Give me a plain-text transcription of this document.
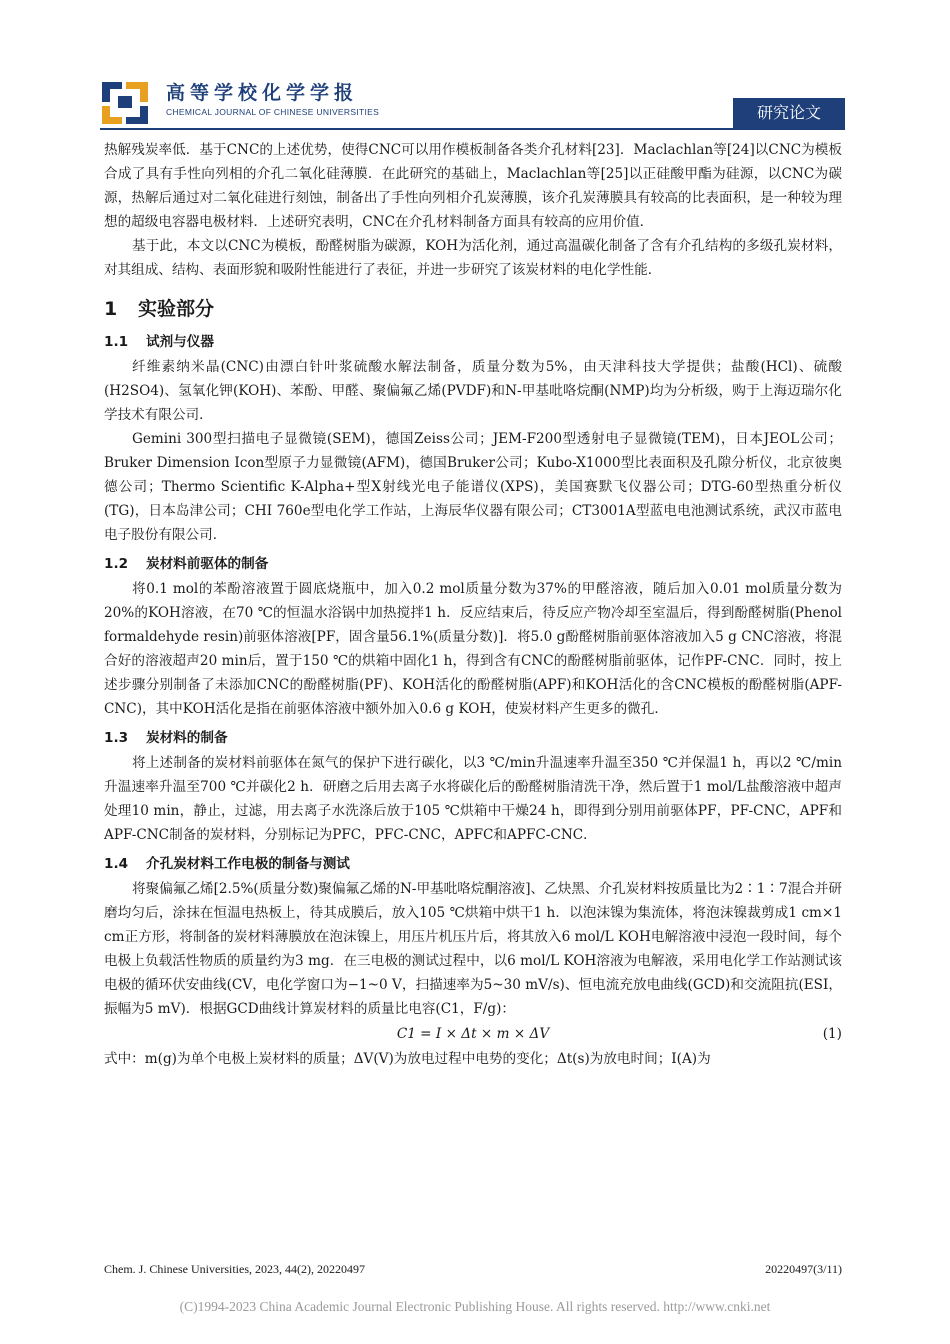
高等学校化学学报
CHEMICAL JOURNAL OF CHINESE UNIVERSITIES	研究论文

热解残炭率低．基于CNC的上述优势，使得CNC可以用作模板制备各类介孔材料[23]．Maclachlan等[24]以CNC为模板合成了具有手性向列相的介孔二氧化硅薄膜．在此研究的基础上，Maclachlan等[25]以正硅酸甲酯为硅源，以CNC为碳源，热解后通过对二氧化硅进行刻蚀，制备出了手性向列相介孔炭薄膜，该介孔炭薄膜具有较高的比表面积，是一种较为理想的超级电容器电极材料．上述研究表明，CNC在介孔材料制备方面具有较高的应用价值．

基于此，本文以CNC为模板，酚醛树脂为碳源，KOH为活化剂，通过高温碳化制备了含有介孔结构的多级孔炭材料，对其组成、结构、表面形貌和吸附性能进行了表征，并进一步研究了该炭材料的电化学性能．

1 实验部分
1.1 试剂与仪器

纤维素纳米晶(CNC)由漂白针叶浆硫酸水解法制备，质量分数为5%，由天津科技大学提供；盐酸(HCl)、硫酸(H2SO4)、氢氧化钾(KOH)、苯酚、甲醛、聚偏氟乙烯(PVDF)和N-甲基吡咯烷酮(NMP)均为分析级，购于上海迈瑞尔化学技术有限公司．

Gemini 300型扫描电子显微镜(SEM)，德国Zeiss公司；JEM-F200型透射电子显微镜(TEM)，日本JEOL公司；Bruker Dimension Icon型原子力显微镜(AFM)，德国Bruker公司；Kubo-X1000型比表面积及孔隙分析仪，北京彼奥德公司；Thermo Scientific K-Alpha+型X射线光电子能谱仪(XPS)，美国赛默飞仪器公司；DTG-60型热重分析仪(TG)，日本岛津公司；CHI 760e型电化学工作站，上海辰华仪器有限公司；CT3001A型蓝电电池测试系统，武汉市蓝电电子股份有限公司．

1.2 炭材料前驱体的制备

将0.1 mol的苯酚溶液置于圆底烧瓶中，加入0.2 mol质量分数为37%的甲醛溶液，随后加入0.01 mol质量分数为20%的KOH溶液，在70 ℃的恒温水浴锅中加热搅拌1 h．反应结束后，待反应产物冷却至室温后，得到酚醛树脂(Phenol formaldehyde resin)前驱体溶液[PF，固含量56.1%(质量分数)]．将5.0 g酚醛树脂前驱体溶液加入5 g CNC溶液，将混合好的溶液超声20 min后，置于150 ℃的烘箱中固化1 h，得到含有CNC的酚醛树脂前驱体，记作PF-CNC．同时，按上述步骤分别制备了未添加CNC的酚醛树脂(PF)、KOH活化的酚醛树脂(APF)和KOH活化的含CNC模板的酚醛树脂(APF-CNC)，其中KOH活化是指在前驱体溶液中额外加入0.6 g KOH，使炭材料产生更多的微孔．

1.3 炭材料的制备

将上述制备的炭材料前驱体在氮气的保护下进行碳化，以3 ℃/min升温速率升温至350 ℃并保温1 h，再以2 ℃/min升温速率升温至700 ℃并碳化2 h．研磨之后用去离子水将碳化后的酚醛树脂清洗干净，然后置于1 mol/L盐酸溶液中超声处理10 min，静止，过滤，用去离子水洗涤后放于105 ℃烘箱中干燥24 h，即得到分别用前驱体PF，PF-CNC，APF和APF-CNC制备的炭材料，分别标记为PFC，PFC-CNC，APFC和APFC-CNC．

1.4 介孔炭材料工作电极的制备与测试

将聚偏氟乙烯[2.5%(质量分数)聚偏氟乙烯的N-甲基吡咯烷酮溶液]、乙炔黑、介孔炭材料按质量比为2∶1∶7混合并研磨均匀后，涂抹在恒温电热板上，待其成膜后，放入105 ℃烘箱中烘干1 h．以泡沫镍为集流体，将泡沫镍裁剪成1 cm×1 cm正方形，将制备的炭材料薄膜放在泡沫镍上，用压片机压片后，将其放入6 mol/L KOH电解溶液中浸泡一段时间，每个电极上负载活性物质的质量约为3 mg．在三电极的测试过程中，以6 mol/L KOH溶液为电解液，采用电化学工作站测试该电极的循环伏安曲线(CV，电化学窗口为−1~0 V，扫描速率为5~30 mV/s)、恒电流充放电曲线(GCD)和交流阻抗(ESI，振幅为5 mV)．根据GCD曲线计算炭材料的质量比电容(C1，F/g)：

C1 = I × Δt × m × ΔV	(1)

式中：m(g)为单个电极上炭材料的质量；ΔV(V)为放电过程中电势的变化；Δt(s)为放电时间；I(A)为

Chem. J. Chinese Universities, 2023, 44(2), 20220497	20220497(3/11)
(C)1994-2023 China Academic Journal Electronic Publishing House. All rights reserved. http://www.cnki.net
